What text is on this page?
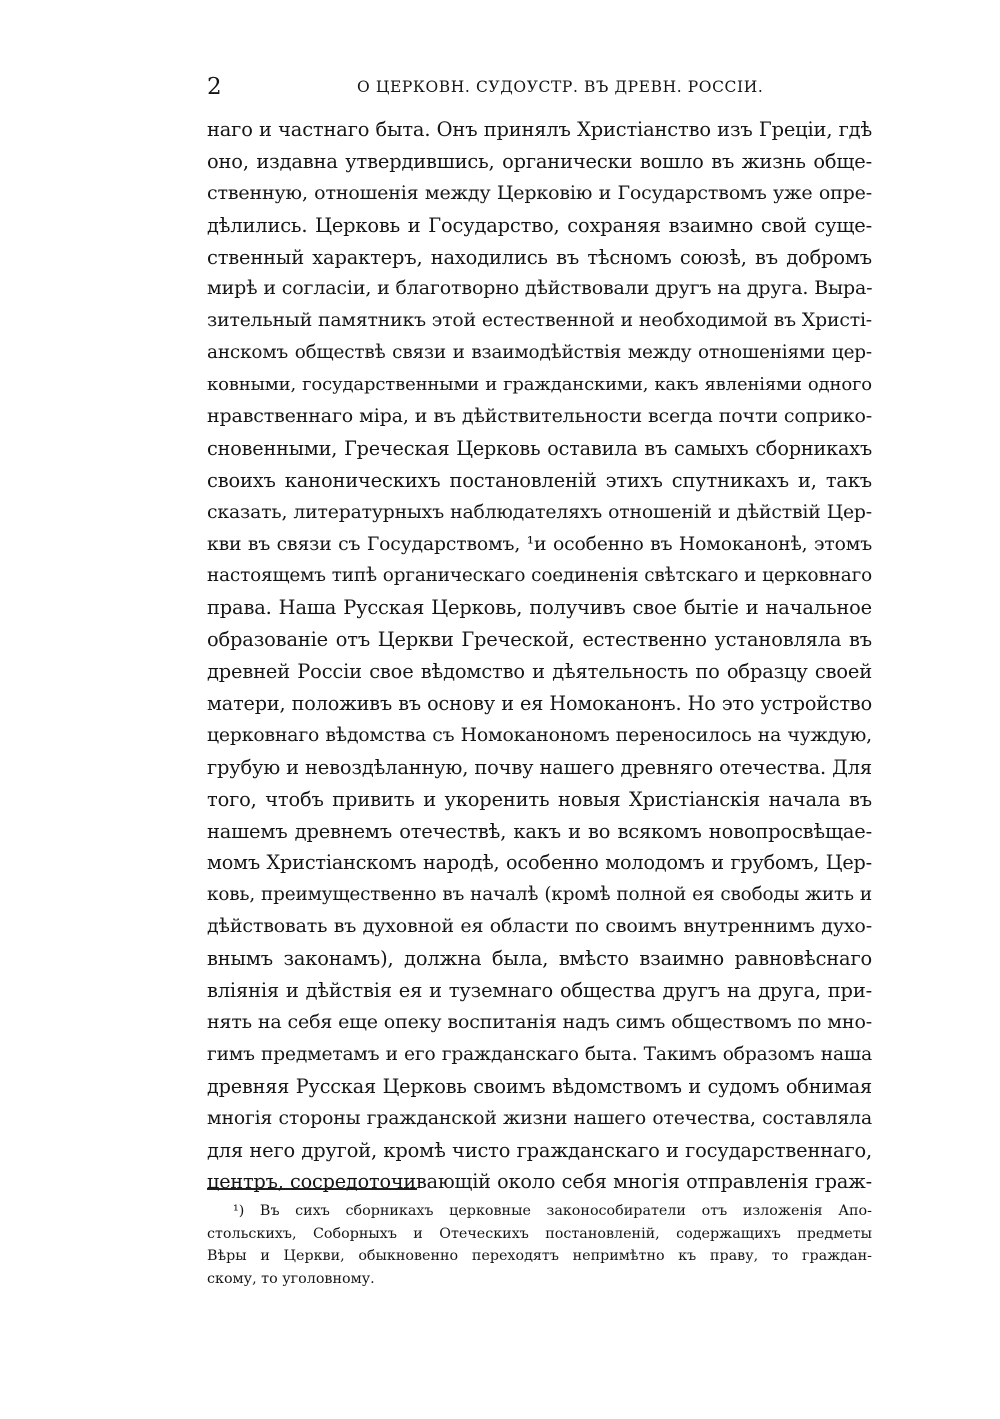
2	О ЦЕРКОВН. СУДОУСТР. ВЪ ДРЕВН. РОССІИ.
наго и частнаго быта. Онъ принялъ Христіанство изъ Греціи, гдѣ
оно, издавна утвердившись, органически вошло въ жизнь обще-
ственную, отношенія между Церковію и Государствомъ уже опре-
дѣлились. Церковь и Государство, сохраняя взаимно свой суще-
ственный характеръ, находились въ тѣсномъ союзѣ, въ добромъ
мирѣ и согласіи, и благотворно дѣйствовали другъ на друга. Выра-
зительный памятникъ этой естественной и необходимой въ Христі-
анскомъ обществѣ связи и взаимодѣйствія между отношеніями цер-
ковными, государственными и гражданскими, какъ явленіями одного
нравственнаго міра, и въ дѣйствительности всегда почти соприко-
сновенными, Греческая Церковь оставила въ самыхъ сборникахъ
своихъ каноническихъ постановленій этихъ спутникахъ и, такъ
сказать, литературныхъ наблюдателяхъ отношеній и дѣйствій Цер-
кви въ связи съ Государствомъ, ¹и особенно въ Номоканонѣ, этомъ
настоящемъ типѣ органическаго соединенія свѣтскаго и церковнаго
права. Наша Русская Церковь, получивъ свое бытіе и начальное
образованіе отъ Церкви Греческой, естественно установляла въ
древней Россіи свое вѣдомство и дѣятельность по образцу своей
матери, положивъ въ основу и ея Номоканонъ. Но это устройство
церковнаго вѣдомства съ Номоканономъ переносилось на чуждую,
грубую и невоздѣланную, почву нашего древняго отечества. Для
того, чтобъ привить и укоренить новыя Христіанскія начала въ
нашемъ древнемъ отечествѣ, какъ и во всякомъ новопросвѣщае-
момъ Христіанскомъ народѣ, особенно молодомъ и грубомъ, Цер-
ковь, преимущественно въ началѣ (кромѣ полной ея свободы жить и
дѣйствовать въ духовной ея области по своимъ внутреннимъ духо-
внымъ законамъ), должна была, вмѣсто взаимно равновѣснаго
вліянія и дѣйствія ея и туземнаго общества другъ на друга, при-
нять на себя еще опеку воспитанія надъ симъ обществомъ по мно-
гимъ предметамъ и его гражданскаго быта. Такимъ образомъ наша
древняя Русская Церковь своимъ вѣдомствомъ и судомъ обнимая
многія стороны гражданской жизни нашего отечества, составляла
для него другой, кромѣ чисто гражданскаго и государственнаго,
центръ, сосредоточивающій около себя многія отправленія граж-
¹) Въ сихъ сборникахъ церковные законособиратели отъ изложенія Апо-
стольскихъ, Соборныхъ и Отеческихъ постановленій, содержащихъ предметы
Вѣры и Церкви, обыкновенно переходятъ непримѣтно къ праву, то граждан-
скому, то уголовному.
